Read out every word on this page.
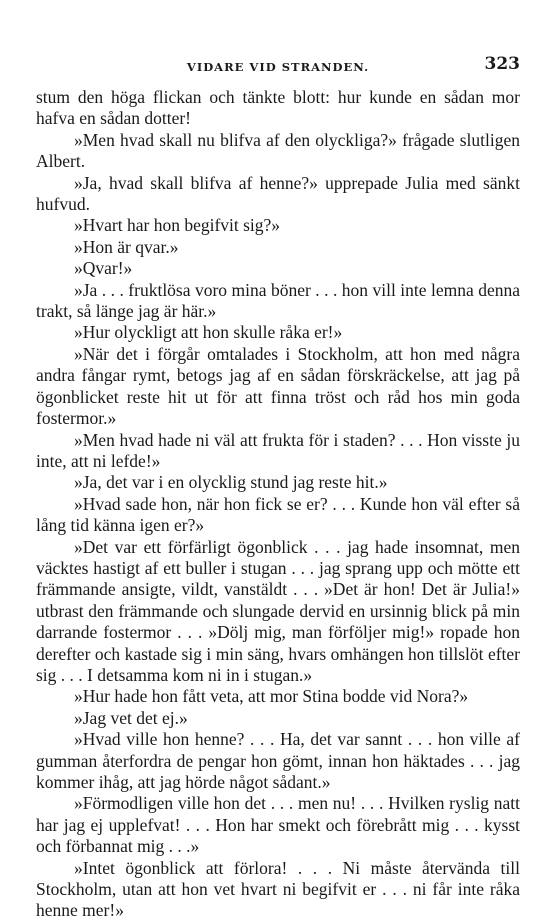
VIDARE VID STRANDEN.	323

stum den höga flickan och tänkte blott: hur kunde en sådan mor hafva en sådan dotter!

»Men hvad skall nu blifva af den olyckliga?» frågade slutligen Albert.

»Ja, hvad skall blifva af henne?» upprepade Julia med sänkt hufvud.

»Hvart har hon begifvit sig?»

»Hon är qvar.»

»Qvar!»

»Ja . . . fruktlösa voro mina böner . . . hon vill inte lemna denna trakt, så länge jag är här.»

»Hur olyckligt att hon skulle råka er!»

»När det i förgår omtalades i Stockholm, att hon med några andra fångar rymt, betogs jag af en sådan förskräckelse, att jag på ögonblicket reste hit ut för att finna tröst och råd hos min goda fostermor.»

»Men hvad hade ni väl att frukta för i staden? . . . Hon visste ju inte, att ni lefde!»

»Ja, det var i en olycklig stund jag reste hit.»

»Hvad sade hon, när hon fick se er? . . . Kunde hon väl efter så lång tid känna igen er?»

»Det var ett förfärligt ögonblick . . . jag hade insomnat, men väcktes hastigt af ett buller i stugan . . . jag sprang upp och mötte ett främmande ansigte, vildt, vanstäldt . . . »Det är hon! Det är Julia!» utbrast den främmande och slungade dervid en ursinnig blick på min darrande fostermor . . . »Dölj mig, man förföljer mig!» ropade hon derefter och kastade sig i min säng, hvars omhängen hon tillslöt efter sig . . . I detsamma kom ni in i stugan.»

»Hur hade hon fått veta, att mor Stina bodde vid Nora?»

»Jag vet det ej.»

»Hvad ville hon henne? . . . Ha, det var sannt . . . hon ville af gumman återfordra de pengar hon gömt, innan hon häktades . . . jag kommer ihåg, att jag hörde något sådant.»

»Förmodligen ville hon det . . . men nu! . . . Hvilken ryslig natt har jag ej upplefvat! . . . Hon har smekt och förebrått mig . . . kysst och förbannat mig . . .»

»Intet ögonblick att förlora! . . . Ni måste återvända till Stockholm, utan att hon vet hvart ni begifvit er . . . ni får inte råka henne mer!»
